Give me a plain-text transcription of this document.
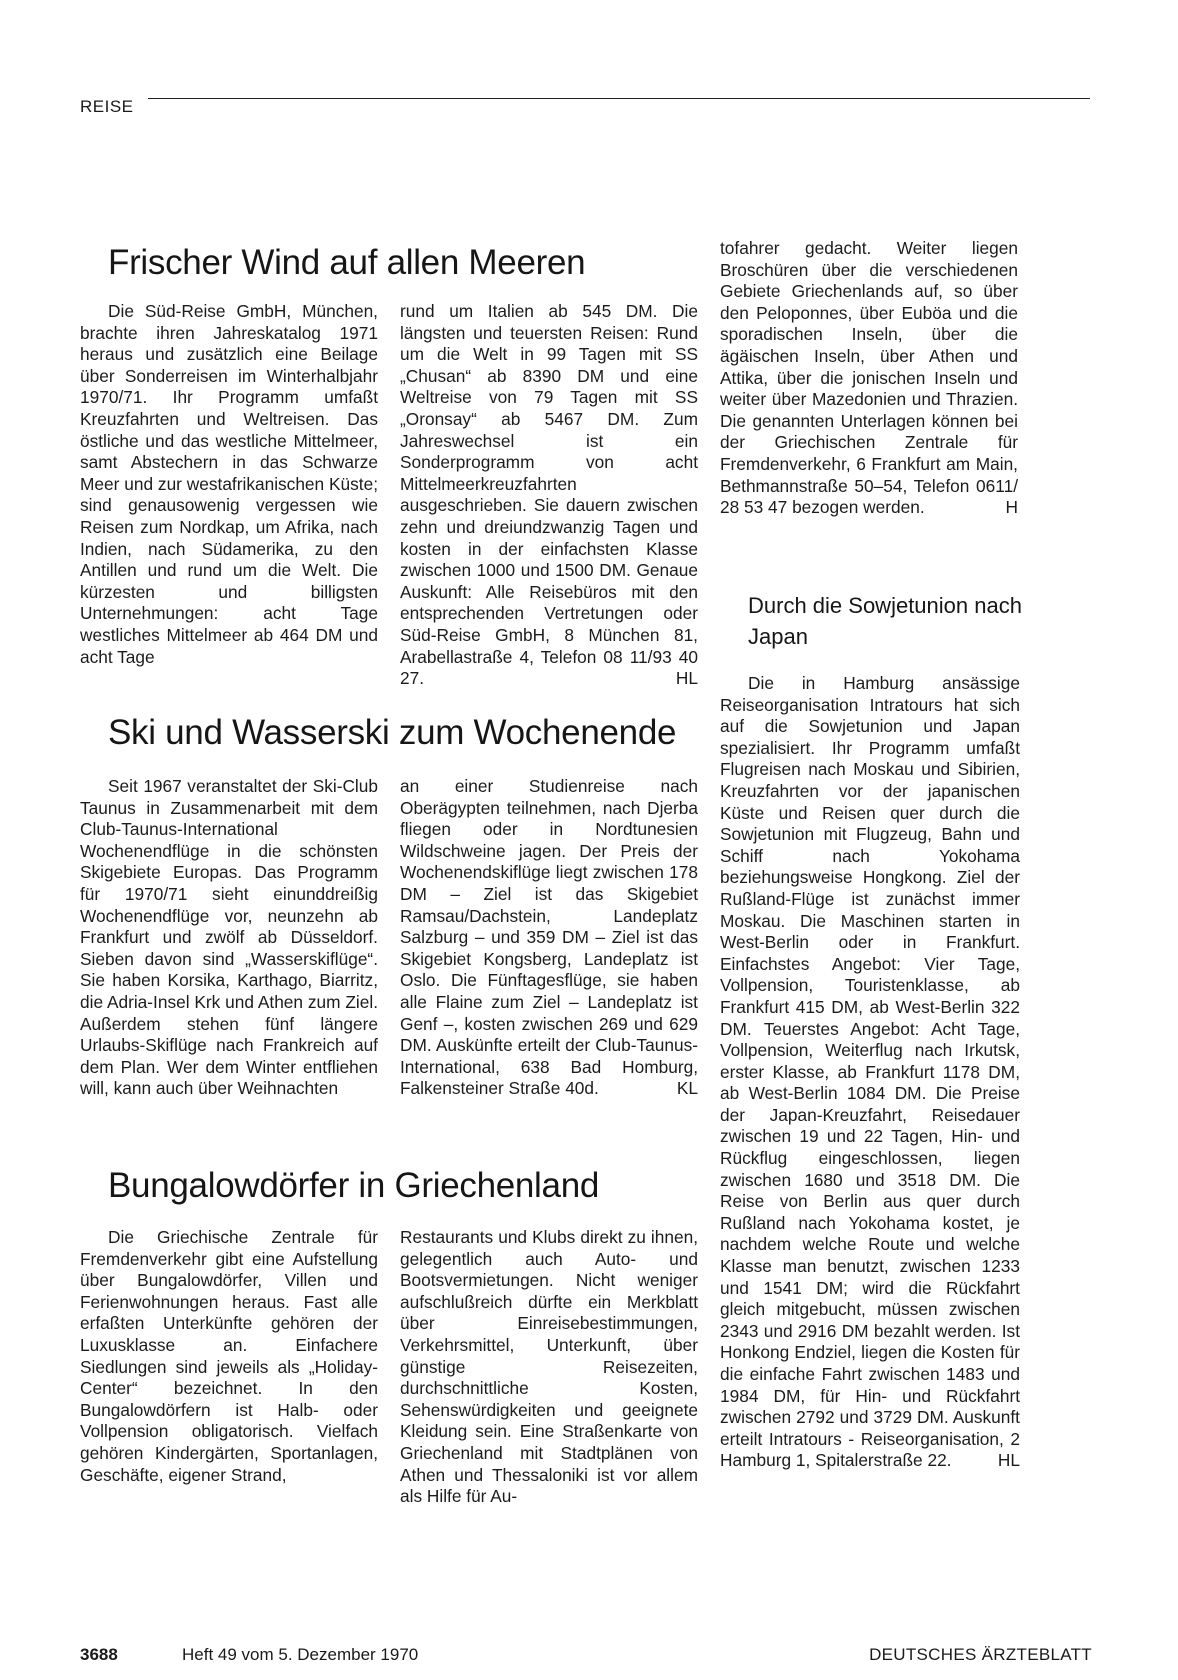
REISE
Frischer Wind auf allen Meeren

Die Süd-Reise GmbH, München, brachte ihren Jahreskatalog 1971 heraus und zusätzlich eine Beilage über Sonderreisen im Winterhalbjahr 1970/71. Ihr Programm umfaßt Kreuzfahrten und Weltreisen. Das östliche und das westliche Mittelmeer, samt Abstechern in das Schwarze Meer und zur westafrikanischen Küste; sind genausowenig vergessen wie Reisen zum Nordkap, um Afrika, nach Indien, nach Südamerika, zu den Antillen und rund um die Welt. Die kürzesten und billigsten Unternehmungen: acht Tage westliches Mittelmeer ab 464 DM und acht Tage

rund um Italien ab 545 DM. Die längsten und teuersten Reisen: Rund um die Welt in 99 Tagen mit SS „Chusan“ ab 8390 DM und eine Weltreise von 79 Tagen mit SS „Oronsay“ ab 5467 DM. Zum Jahreswechsel ist ein Sonderprogramm von acht Mittelmeerkreuzfahrten ausgeschrieben. Sie dauern zwischen zehn und dreiundzwanzig Tagen und kosten in der einfachsten Klasse zwischen 1000 und 1500 DM. Genaue Auskunft: Alle Reisebüros mit den entsprechenden Vertretungen oder Süd-Reise GmbH, 8 München 81, Arabellastraße 4, Telefon 08 11/93 40 27.	HL

Ski und Wasserski zum Wochenende

Seit 1967 veranstaltet der Ski-Club Taunus in Zusammenarbeit mit dem Club-Taunus-International Wochenendflüge in die schönsten Skigebiete Europas. Das Programm für 1970/71 sieht einunddreißig Wochenendflüge vor, neunzehn ab Frankfurt und zwölf ab Düsseldorf. Sieben davon sind „Wasserskiflüge“. Sie haben Korsika, Karthago, Biarritz, die Adria-Insel Krk und Athen zum Ziel. Außerdem stehen fünf längere Urlaubs-Skiflüge nach Frankreich auf dem Plan. Wer dem Winter entfliehen will, kann auch über Weihnachten

an einer Studienreise nach Oberägypten teilnehmen, nach Djerba fliegen oder in Nordtunesien Wildschweine jagen. Der Preis der Wochenendskiflüge liegt zwischen 178 DM – Ziel ist das Skigebiet Ramsau/Dachstein, Landeplatz Salzburg – und 359 DM – Ziel ist das Skigebiet Kongsberg, Landeplatz ist Oslo. Die Fünftagesflüge, sie haben alle Flaine zum Ziel – Landeplatz ist Genf –, kosten zwischen 269 und 629 DM. Auskünfte erteilt der Club-Taunus-International, 638 Bad Homburg, Falkensteiner Straße 40d.	KL

Bungalowdörfer in Griechenland

Die Griechische Zentrale für Fremdenverkehr gibt eine Aufstellung über Bungalowdörfer, Villen und Ferienwohnungen heraus. Fast alle erfaßten Unterkünfte gehören der Luxusklasse an. Einfachere Siedlungen sind jeweils als „Holiday-Center“ bezeichnet. In den Bungalowdörfern ist Halb- oder Vollpension obligatorisch. Vielfach gehören Kindergärten, Sportanlagen, Geschäfte, eigener Strand,

Restaurants und Klubs direkt zu ihnen, gelegentlich auch Auto- und Bootsvermietungen. Nicht weniger aufschlußreich dürfte ein Merkblatt über Einreisebestimmungen, Verkehrsmittel, Unterkunft, über günstige Reisezeiten, durchschnittliche Kosten, Sehenswürdigkeiten und geeignete Kleidung sein. Eine Straßenkarte von Griechenland mit Stadtplänen von Athen und Thessaloniki ist vor allem als Hilfe für Au-

tofahrer gedacht. Weiter liegen Broschüren über die verschiedenen Gebiete Griechenlands auf, so über den Peloponnes, über Euböa und die sporadischen Inseln, über die ägäischen Inseln, über Athen und Attika, über die jonischen Inseln und weiter über Mazedonien und Thrazien. Die genannten Unterlagen können bei der Griechischen Zentrale für Fremdenverkehr, 6 Frankfurt am Main, Bethmannstraße 50–54, Telefon 0611/ 28 53 47 bezogen werden.	H

Durch die Sowjetunion nach Japan

Die in Hamburg ansässige Reiseorganisation Intratours hat sich auf die Sowjetunion und Japan spezialisiert. Ihr Programm umfaßt Flugreisen nach Moskau und Sibirien, Kreuzfahrten vor der japanischen Küste und Reisen quer durch die Sowjetunion mit Flugzeug, Bahn und Schiff nach Yokohama beziehungsweise Hongkong. Ziel der Rußland-Flüge ist zunächst immer Moskau. Die Maschinen starten in West-Berlin oder in Frankfurt. Einfachstes Angebot: Vier Tage, Vollpension, Touristenklasse, ab Frankfurt 415 DM, ab West-Berlin 322 DM. Teuerstes Angebot: Acht Tage, Vollpension, Weiterflug nach Irkutsk, erster Klasse, ab Frankfurt 1178 DM, ab West-Berlin 1084 DM. Die Preise der Japan-Kreuzfahrt, Reisedauer zwischen 19 und 22 Tagen, Hin- und Rückflug eingeschlossen, liegen zwischen 1680 und 3518 DM. Die Reise von Berlin aus quer durch Rußland nach Yokohama kostet, je nachdem welche Route und welche Klasse man benutzt, zwischen 1233 und 1541 DM; wird die Rückfahrt gleich mitgebucht, müssen zwischen 2343 und 2916 DM bezahlt werden. Ist Honkong Endziel, liegen die Kosten für die einfache Fahrt zwischen 1483 und 1984 DM, für Hin- und Rückfahrt zwischen 2792 und 3729 DM. Auskunft erteilt Intratours - Reiseorganisation, 2 Hamburg 1, Spitalerstraße 22.	HL

3688	Heft 49 vom 5. Dezember 1970	DEUTSCHES ÄRZTEBLATT
